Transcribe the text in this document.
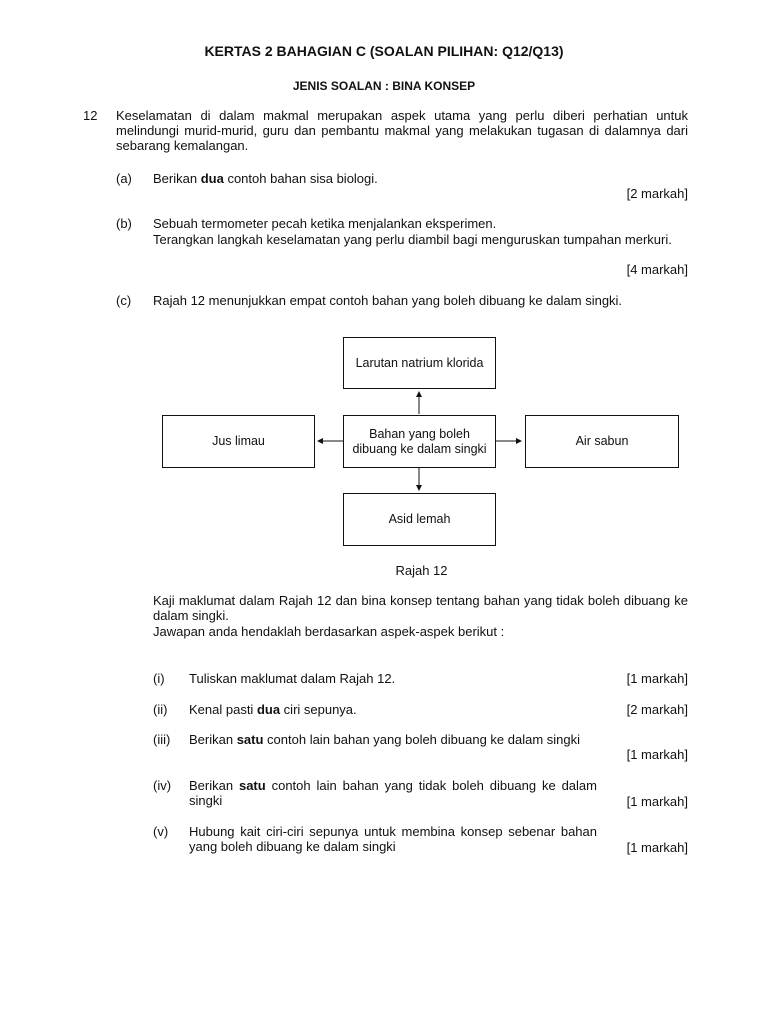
KERTAS 2 BAHAGIAN C (SOALAN PILIHAN: Q12/Q13)
JENIS SOALAN : BINA KONSEP
12 Keselamatan di dalam makmal merupakan aspek utama yang perlu diberi perhatian untuk melindungi murid-murid, guru dan pembantu makmal yang melakukan tugasan di dalamnya dari sebarang kemalangan.
(a) Berikan dua contoh bahan sisa biologi.
[2 markah]
(b) Sebuah termometer pecah ketika menjalankan eksperimen.
Terangkan langkah keselamatan yang perlu diambil bagi menguruskan tumpahan merkuri.
[4 markah]
(c) Rajah 12 menunjukkan empat contoh bahan yang boleh dibuang ke dalam singki.
Larutan natrium klorida
Jus limau
Bahan yang boleh dibuang ke dalam singki
Air sabun
Asid lemah
Rajah 12
Kaji maklumat dalam Rajah 12 dan bina konsep tentang bahan yang tidak boleh dibuang ke dalam singki.
Jawapan anda hendaklah berdasarkan aspek-aspek berikut :
(i) Tuliskan maklumat dalam Rajah 12.	[1 markah]
(ii) Kenal pasti dua ciri sepunya.	[2 markah]
(iii) Berikan satu contoh lain bahan yang boleh dibuang ke dalam singki
[1 markah]
(iv) Berikan satu contoh lain bahan yang tidak boleh dibuang ke dalam singki	[1 markah]
(v) Hubung kait ciri-ciri sepunya untuk membina konsep sebenar bahan yang boleh dibuang ke dalam singki	[1 markah]
